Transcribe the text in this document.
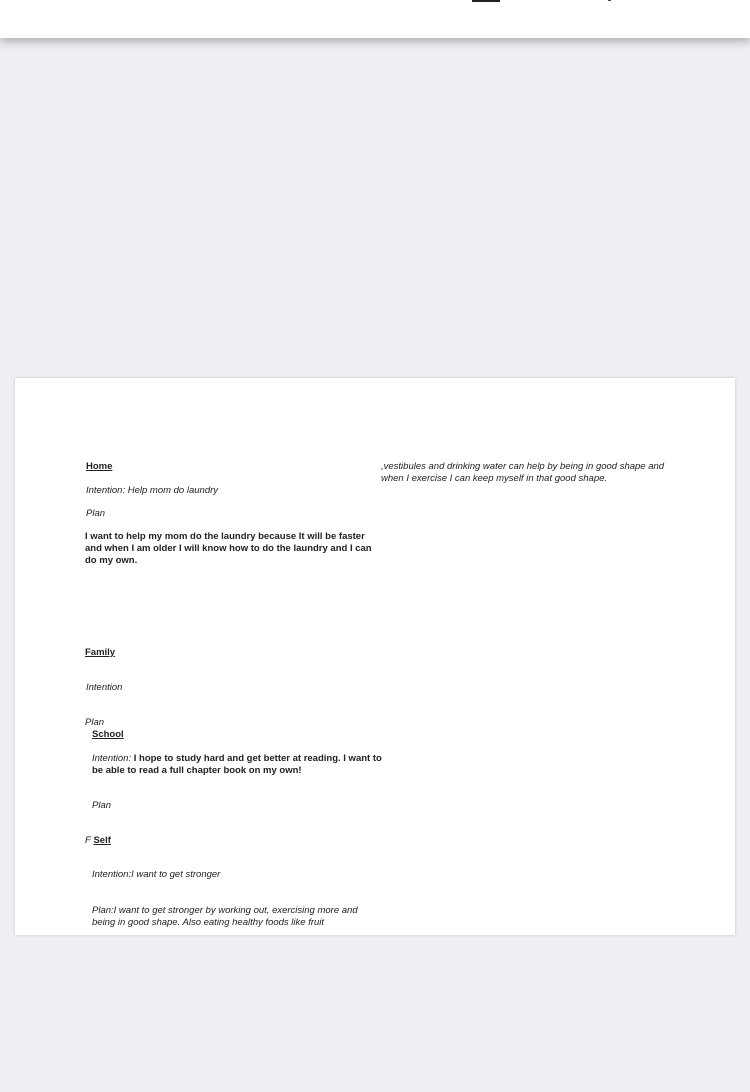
Home
Intention: Help mom do laundry
Plan
I want to help my mom do the laundry because It will be faster and when I am older I will know how to do the laundry and I can do my own.
Family
Intention
Plan
School
Intention: I hope to study hard and get better at reading. I want to be able to read a full chapter book on my own!
Plan
F Self
Intention:I want to get stronger
Plan:I want to get stronger by working out, exercising more and being in good shape. Also eating healthy foods like fruit
,vestibules and drinking water can help by being in good shape and when I exercise I can keep myself in that good shape.
